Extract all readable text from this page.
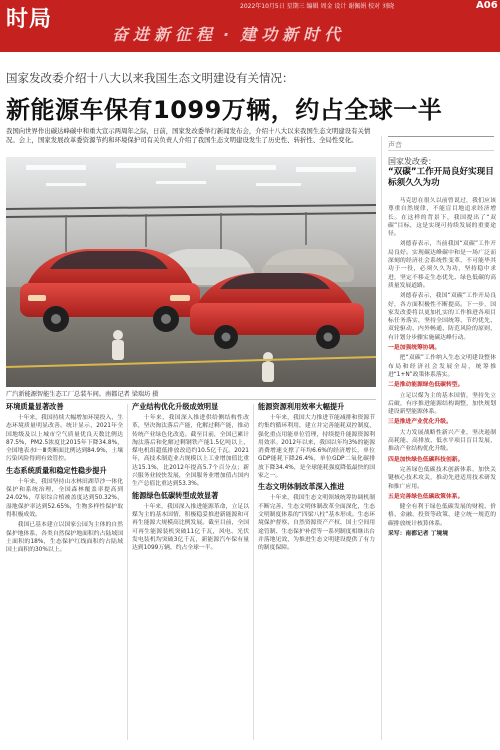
时局
2022年10月5日 星期三 编辑 周金 设计 谢佩娟 校对 刘晓	A06
奋进新征程 · 建功新时代
国家发改委介绍十八大以来我国生态文明建设有关情况：
新能源车保有1099万辆，约占全球一半
我国向世界作出碳达峰碳中和重大宣示两周年之际，日前，国家发改委举行新闻发布会，介绍十八大以来我国生态文明建设有关情况。会上，国家发展改革委资源节约和环境保护司有关负责人介绍了我国生态文明建设发生了历史性、转折性、全局性变化。
广汽新能源智能生态工厂总装车间。南都记者 梁瑞坊 摄
环境质量显著改善

十年来，我国持续大幅增加环境投入，生态环境质量明显改善。统计显示，2021年全国地级及以上城市空气质量优良天数比例达87.5%，PM2.5浓度比2015年下降34.8%，全国地表水Ⅰ－Ⅲ类断面比例达到84.9%，土壤污染风险得到有效管控。

生态系统质量和稳定性稳步提升

十年来，我国坚持山水林田湖草沙一体化保护和系统治理，全国森林覆盖率提高到24.02%，草原综合植被盖度达到50.32%，湿地保护率达到52.65%，生物多样性保护取得积极成效。

我国已基本建立以国家公园为主体的自然保护地体系，各类自然保护地面积约占陆域国土面积的18%，生态保护红线面积约占陆域国土面积的30%以上。

产业结构优化升级成效明显

十年来，我国深入推进供给侧结构性改革，坚决淘汰落后产能，化解过剩产能，推动传统产业绿色化改造。截至目前，全国已累计淘汰落后和化解过剩钢铁产能1.5亿吨以上，煤电机组超低排放改造约10.5亿千瓦。2021年，高技术制造业占规模以上工业增加值比重达15.1%，比2012年提高5.7个百分点；新兴服务业较快发展，全国服务业增加值占国内生产总值比重达到53.3%。

能源绿色低碳转型成效显著

十年来，我国深入推进能源革命，立足以煤为主的基本国情，积极稳妥推进新能源和可再生能源大规模高比例发展。截至目前，全国可再生能源装机突破11亿千瓦，风电、光伏发电装机均突破3亿千瓦，新能源汽车保有量达到1099万辆，约占全球一半。

能源资源利用效率大幅提升

十年来，我国大力推进节能减排和资源节约集约循环利用，建立并完善能耗双控制度，强化重点用能单位管理，持续提升能源资源利用效率。2012年以来，我国以年均3%的能源消费增速支撑了年均6.6%的经济增长，单位GDP能耗下降26.4%，单位GDP二氧化碳排放下降34.4%，是全球能耗强度降低最快的国家之一。

生态文明体制改革深入推进

十年来，我国生态文明领域统筹协调机制不断完善，生态文明体制改革全面深化，生态文明制度体系的“四梁八柱”基本形成。生态环境保护督察、自然资源资产产权、国土空间用途管制、生态保护补偿等一系列制度相继出台并落地见效，为推进生态文明建设提供了有力的制度保障。

声音
国家发改委：
“双碳”工作开局良好实现目标须久久为功

马克思在很久以前曾说过，我们应该尊重自然规律，不能盲目地追求经济增长。在这样的背景下，我国提出了“双碳”目标，这是实现可持续发展的重要途径。

刘德春表示，当前我国“双碳”工作开局良好。实现碳达峰碳中和是一场广泛而深刻的经济社会系统性变革，不可能毕其功于一役，必须久久为功，坚持稳中求进，坚定不移走生态优先、绿色低碳的高质量发展道路。

刘德春表示，我国“双碳”工作开局良好，各方面积极性不断提高。下一步，国家发改委将以更加扎实的工作推进各项目标任务落实，坚持全国统筹、节约优先、双轮驱动、内外畅通、防范风险的原则，有计划分步骤实施碳达峰行动。

一是加强统筹协调。

把“双碳”工作纳入生态文明建设整体布局和经济社会发展全局，统筹推进“1+N”政策体系落实。

二是推动能源绿色低碳转型。

立足以煤为主的基本国情，坚持先立后破，有序推进能源结构调整，加快规划建设新型能源体系。

三是推进产业优化升级。

大力发展战略性新兴产业，坚决遏制高耗能、高排放、低水平项目盲目发展，推动产业结构优化升级。

四是加快绿色低碳科技创新。

完善绿色低碳技术创新体系，加快关键核心技术攻关，推动先进适用技术研发和推广应用。

五是完善绿色低碳政策体系。

健全有利于绿色低碳发展的财税、价格、金融、投资等政策，建立统一规范的碳排放统计核算体系。

采写：南都记者 丁境境
